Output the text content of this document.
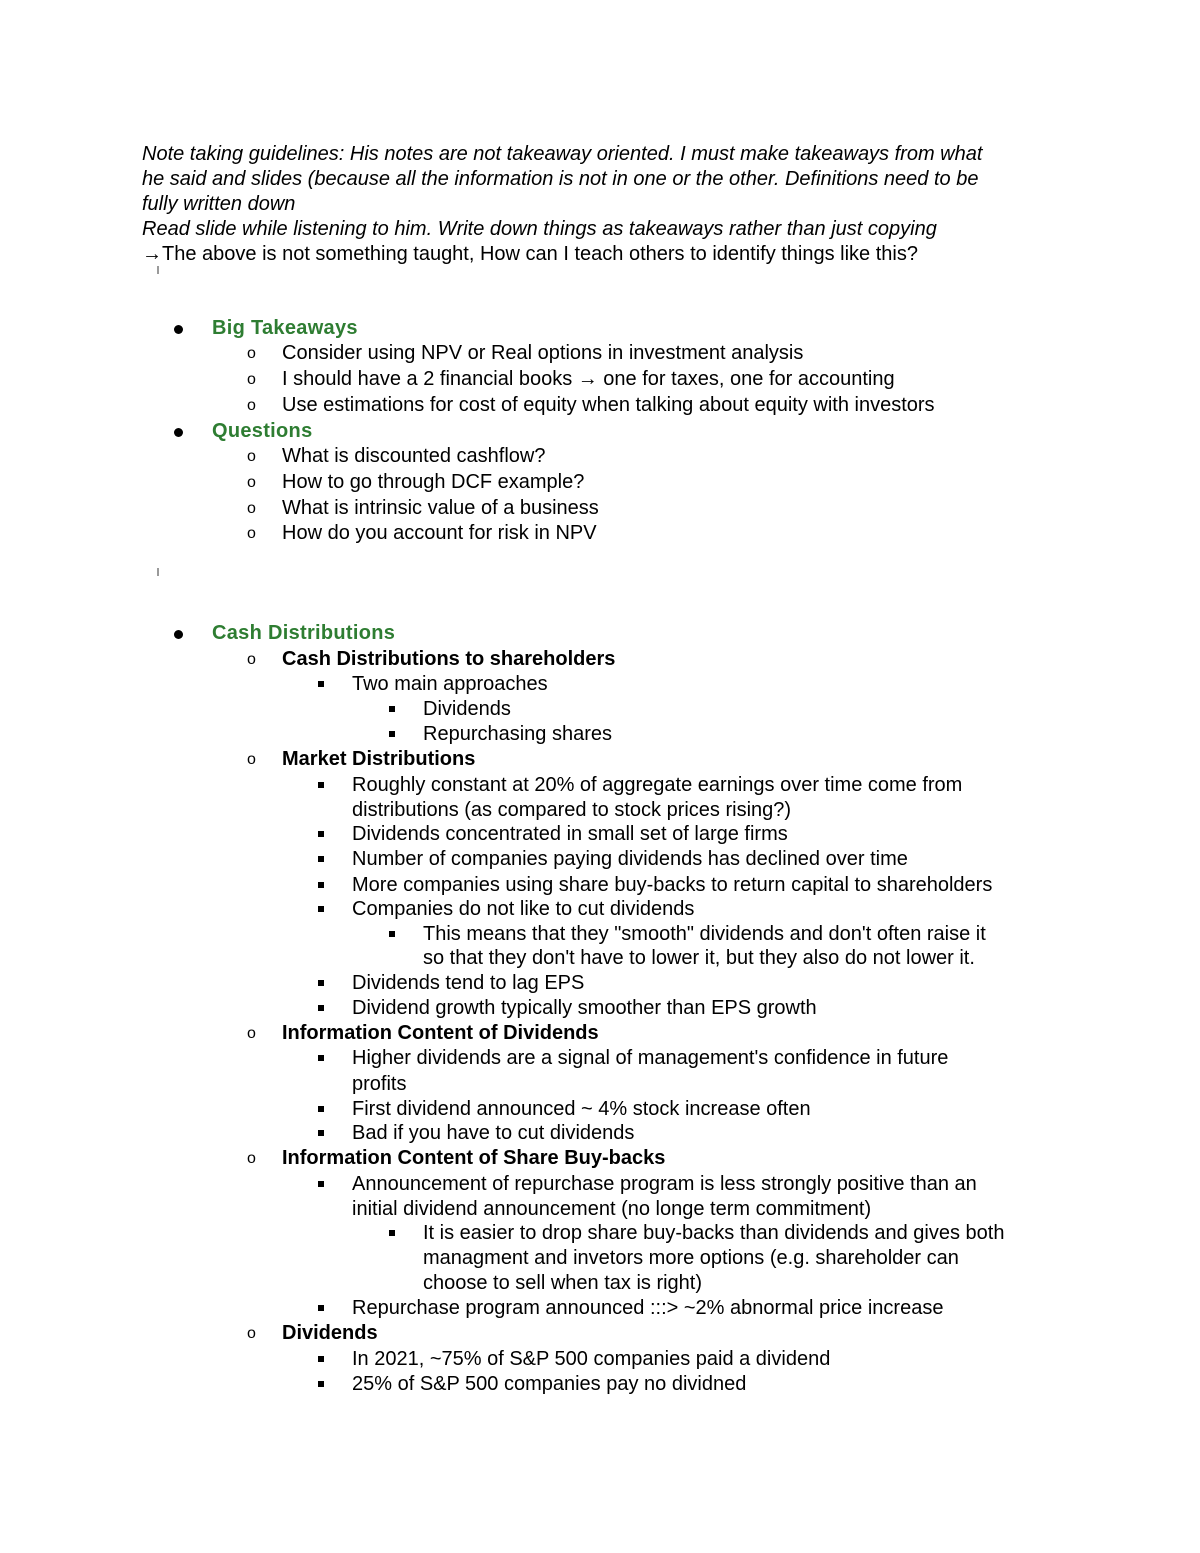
Note taking guidelines: His notes are not takeaway oriented. I must make takeaways from what

he said and slides (because all the information is not in one or the other. Definitions need to be

fully written down

Read slide while listening to him. Write down things as takeaways rather than just copying

→The above is not something taught, How can I teach others to identify things like this?

Big Takeaways
o Consider using NPV or Real options in investment analysis
o I should have a 2 financial books → one for taxes, one for accounting
o Use estimations for cost of equity when talking about equity with investors
Questions
o What is discounted cashflow?
o How to go through DCF example?
o What is intrinsic value of a business
o How do you account for risk in NPV
Cash Distributions
o Cash Distributions to shareholders
Two main approaches
Dividends
Repurchasing shares
o Market Distributions
Roughly constant at 20% of aggregate earnings over time come from
distributions (as compared to stock prices rising?)
Dividends concentrated in small set of large firms
Number of companies paying dividends has declined over time
More companies using share buy-backs to return capital to shareholders
Companies do not like to cut dividends
This means that they "smooth" dividends and don't often raise it
so that they don't have to lower it, but they also do not lower it.
Dividends tend to lag EPS
Dividend growth typically smoother than EPS growth
o Information Content of Dividends
Higher dividends are a signal of management's confidence in future
profits
First dividend announced ~ 4% stock increase often
Bad if you have to cut dividends
o Information Content of Share Buy-backs
Announcement of repurchase program is less strongly positive than an
initial dividend announcement (no longe term commitment)
It is easier to drop share buy-backs than dividends and gives both
managment and invetors more options (e.g. shareholder can
choose to sell when tax is right)
Repurchase program announced :::> ~2% abnormal price increase
o Dividends
In 2021, ~75% of S&P 500 companies paid a dividend
25% of S&P 500 companies pay no dividned
